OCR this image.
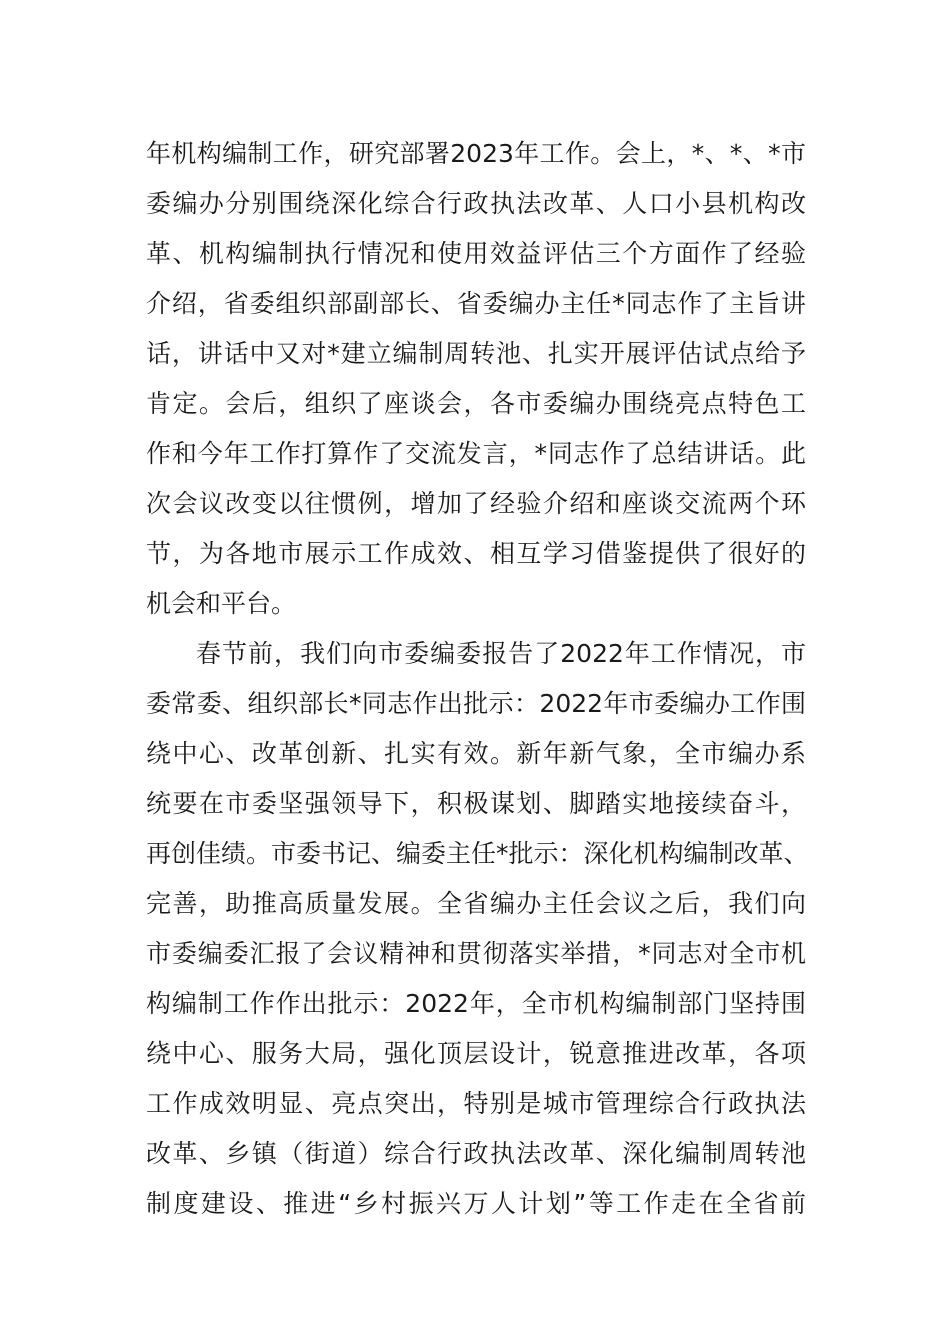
年机构编制工作，研究部署2023年工作。会上，*、*、*市
委编办分别围绕深化综合行政执法改革、人口小县机构改
革、机构编制执行情况和使用效益评估三个方面作了经验
介绍，省委组织部副部长、省委编办主任*同志作了主旨讲
话，讲话中又对*建立编制周转池、扎实开展评估试点给予
肯定。会后，组织了座谈会，各市委编办围绕亮点特色工
作和今年工作打算作了交流发言，*同志作了总结讲话。此
次会议改变以往惯例，增加了经验介绍和座谈交流两个环
节，为各地市展示工作成效、相互学习借鉴提供了很好的
机会和平台。
春节前，我们向市委编委报告了2022年工作情况，市
委常委、组织部长*同志作出批示：2022年市委编办工作围
绕中心、改革创新、扎实有效。新年新气象，全市编办系
统要在市委坚强领导下，积极谋划、脚踏实地接续奋斗，
再创佳绩。市委书记、编委主任*批示：深化机构编制改革、
完善，助推高质量发展。全省编办主任会议之后，我们向
市委编委汇报了会议精神和贯彻落实举措，*同志对全市机
构编制工作作出批示：2022年，全市机构编制部门坚持围
绕中心、服务大局，强化顶层设计，锐意推进改革，各项
工作成效明显、亮点突出，特别是城市管理综合行政执法
改革、乡镇（街道）综合行政执法改革、深化编制周转池
制度建设、推进“乡村振兴万人计划”等工作走在全省前
